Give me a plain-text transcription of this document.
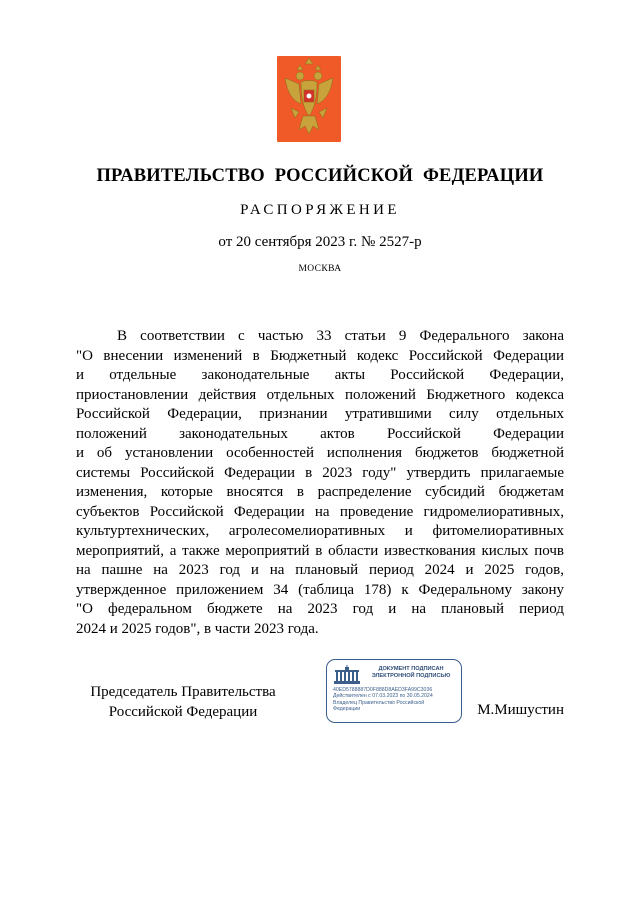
ПРАВИТЕЛЬСТВО РОССИЙСКОЙ ФЕДЕРАЦИИ
РАСПОРЯЖЕНИЕ
от 20 сентября 2023 г. № 2527-р
МОСКВА
В соответствии с частью 33 статьи 9 Федерального закона
"О внесении изменений в Бюджетный кодекс Российской Федерации
и отдельные законодательные акты Российской Федерации,
приостановлении действия отдельных положений Бюджетного кодекса
Российской Федерации, признании утратившими силу отдельных
положений законодательных актов Российской Федерации
и об установлении особенностей исполнения бюджетов бюджетной
системы Российской Федерации в 2023 году" утвердить прилагаемые
изменения, которые вносятся в распределение субсидий бюджетам
субъектов Российской Федерации на проведение гидромелиоративных,
культуртехнических, агролесомелиоративных и фитомелиоративных
мероприятий, а также мероприятий в области известкования кислых почв
на пашне на 2023 год и на плановый период 2024 и 2025 годов,
утвержденное приложением 34 (таблица 178) к Федеральному закону
"О федеральном бюджете на 2023 год и на плановый период
2024 и 2025 годов", в части 2023 года.
Председатель Правительства
Российской Федерации
ДОКУМЕНТ ПОДПИСАН
ЭЛЕКТРОННОЙ ПОДПИСЬЮ
40ED5788887D0F888D8AED3FA99C3036
Действителен с 07.03.2023 по 30.05.2024
Владелец Правительство Российской
Федерации	М.Мишустин
